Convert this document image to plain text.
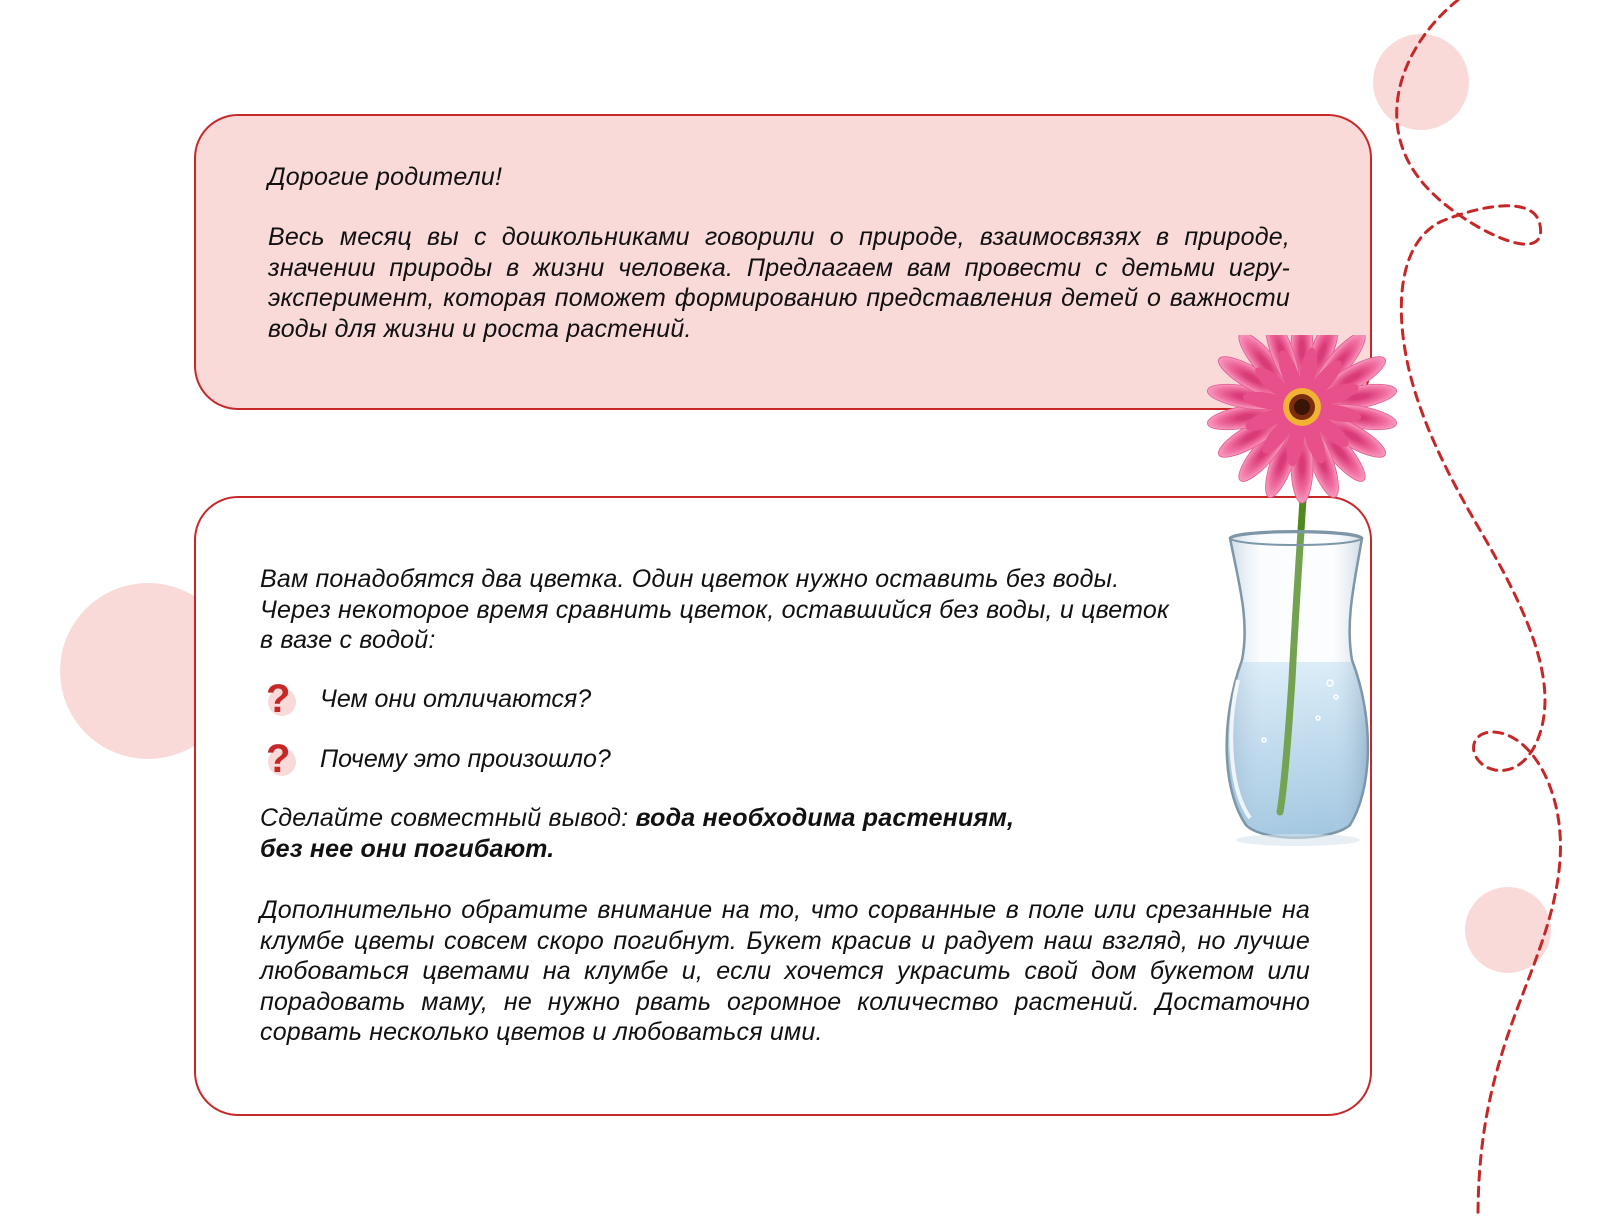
Дорогие родители!

Весь месяц вы с дошкольниками говорили о природе, взаимосвязях в природе, значении природы в жизни человека. Предлагаем вам провести с детьми игру-эксперимент, которая поможет формированию представления детей о важности воды для жизни и роста растений.

Вам понадобятся два цветка. Один цветок нужно оставить без воды.
Через некоторое время сравнить цветок, оставшийся без воды, и цветок
в вазе с водой:

? Чем они отличаются?
? Почему это произошло?

Сделайте совместный вывод: вода необходима растениям,
без нее они погибают.

Дополнительно обратите внимание на то, что сорванные в поле или срезанные на клумбе цветы совсем скоро погибнут. Букет красив и радует наш взгляд, но лучше любоваться цветами на клумбе и, если хочется украсить свой дом букетом или порадовать маму, не нужно рвать огромное количество растений. Достаточно сорвать несколько цветов и любоваться ими.
